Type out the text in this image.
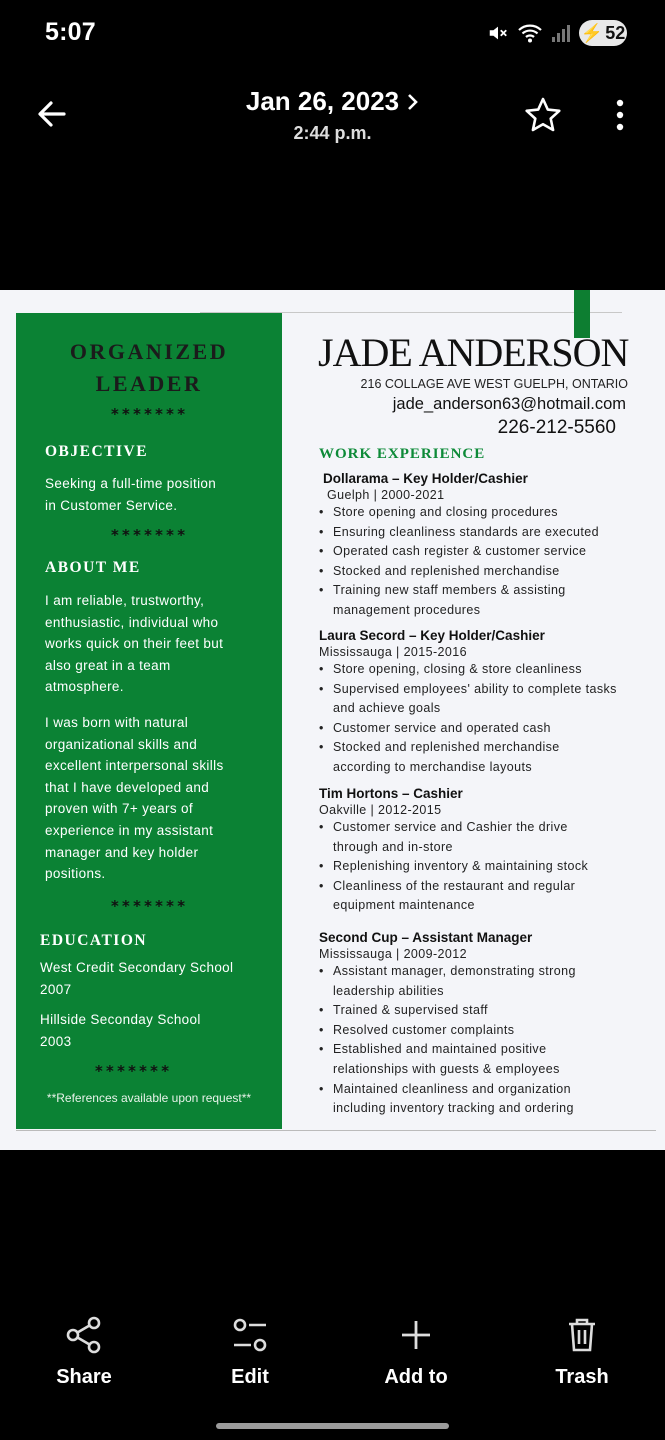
5:07	⚡ 52
Jan 26, 2023
2:44 p.m.
ORGANIZED
LEADER
*******
OBJECTIVE
Seeking a full-time position
in Customer Service.
*******
ABOUT ME
I am reliable, trustworthy,
enthusiastic, individual who
works quick on their feet but
also great in a team
atmosphere.
I was born with natural
organizational skills and
excellent interpersonal skills
that I have developed and
proven with 7+ years of
experience in my assistant
manager and key holder
positions.
*******
EDUCATION
West Credit Secondary School
2007
Hillside Seconday School
2003
*******
**References available upon request**
JADE ANDERSON
216 COLLAGE AVE WEST GUELPH, ONTARIO
jade_anderson63@hotmail.com
226-212-5560
WORK EXPERIENCE
Dollarama – Key Holder/Cashier
Guelph | 2000-2021
• Store opening and closing procedures
• Ensuring cleanliness standards are executed
• Operated cash register & customer service
• Stocked and replenished merchandise
• Training new staff members & assisting management procedures
Laura Secord – Key Holder/Cashier
Mississauga | 2015-2016
• Store opening, closing & store cleanliness
• Supervised employees' ability to complete tasks and achieve goals
• Customer service and operated cash
• Stocked and replenished merchandise according to merchandise layouts
Tim Hortons – Cashier
Oakville | 2012-2015
• Customer service and Cashier the drive through and in-store
• Replenishing inventory & maintaining stock
• Cleanliness of the restaurant and regular equipment maintenance
Second Cup – Assistant Manager
Mississauga | 2009-2012
• Assistant manager, demonstrating strong leadership abilities
• Trained & supervised staff
• Resolved customer complaints
• Established and maintained positive relationships with guests & employees
• Maintained cleanliness and organization including inventory tracking and ordering
Share	Edit	Add to	Trash
